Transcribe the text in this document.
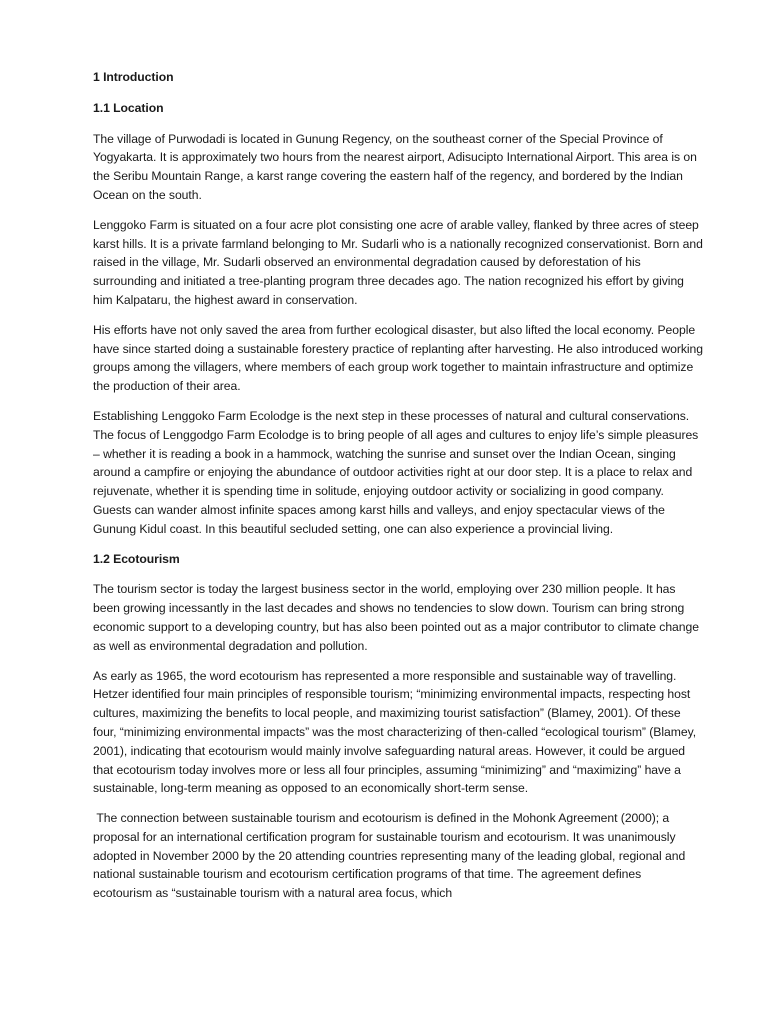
1 Introduction
1.1 Location
The village of Purwodadi is located in Gunung Regency, on the southeast corner of the Special Province of Yogyakarta. It is approximately two hours from the nearest airport, Adisucipto International Airport. This area is on the Seribu Mountain Range, a karst range covering the eastern half of the regency, and bordered by the Indian Ocean on the south.
Lenggoko Farm is situated on a four acre plot consisting one acre of arable valley, flanked by three acres of steep karst hills. It is a private farmland belonging to Mr. Sudarli who is a nationally recognized conservationist. Born and raised in the village, Mr. Sudarli observed an environmental degradation caused by deforestation of his surrounding and initiated a tree-planting program three decades ago. The nation recognized his effort by giving him Kalpataru, the highest award in conservation.
His efforts have not only saved the area from further ecological disaster, but also lifted the local economy. People have since started doing a sustainable forestery practice of replanting after harvesting. He also introduced working groups among the villagers, where members of each group work together to maintain infrastructure and optimize the production of their area.
Establishing Lenggoko Farm Ecolodge is the next step in these processes of natural and cultural conservations. The focus of Lenggodgo Farm Ecolodge is to bring people of all ages and cultures to enjoy life’s simple pleasures – whether it is reading a book in a hammock, watching the sunrise and sunset over the Indian Ocean, singing around a campfire or enjoying the abundance of outdoor activities right at our door step. It is a place to relax and rejuvenate, whether it is spending time in solitude, enjoying outdoor activity or socializing in good company. Guests can wander almost infinite spaces among karst hills and valleys, and enjoy spectacular views of the Gunung Kidul coast. In this beautiful secluded setting, one can also experience a provincial living.
1.2 Ecotourism
The tourism sector is today the largest business sector in the world, employing over 230 million people. It has been growing incessantly in the last decades and shows no tendencies to slow down. Tourism can bring strong economic support to a developing country, but has also been pointed out as a major contributor to climate change as well as environmental degradation and pollution.
As early as 1965, the word ecotourism has represented a more responsible and sustainable way of travelling. Hetzer identified four main principles of responsible tourism; “minimizing environmental impacts, respecting host cultures, maximizing the benefits to local people, and maximizing tourist satisfaction” (Blamey, 2001). Of these four, “minimizing environmental impacts” was the most characterizing of then-called “ecological tourism” (Blamey, 2001), indicating that ecotourism would mainly involve safeguarding natural areas. However, it could be argued that ecotourism today involves more or less all four principles, assuming “minimizing” and “maximizing” have a sustainable, long-term meaning as opposed to an economically short-term sense.
The connection between sustainable tourism and ecotourism is defined in the Mohonk Agreement (2000); a proposal for an international certification program for sustainable tourism and ecotourism. It was unanimously adopted in November 2000 by the 20 attending countries representing many of the leading global, regional and national sustainable tourism and ecotourism certification programs of that time. The agreement defines ecotourism as “sustainable tourism with a natural area focus, which
